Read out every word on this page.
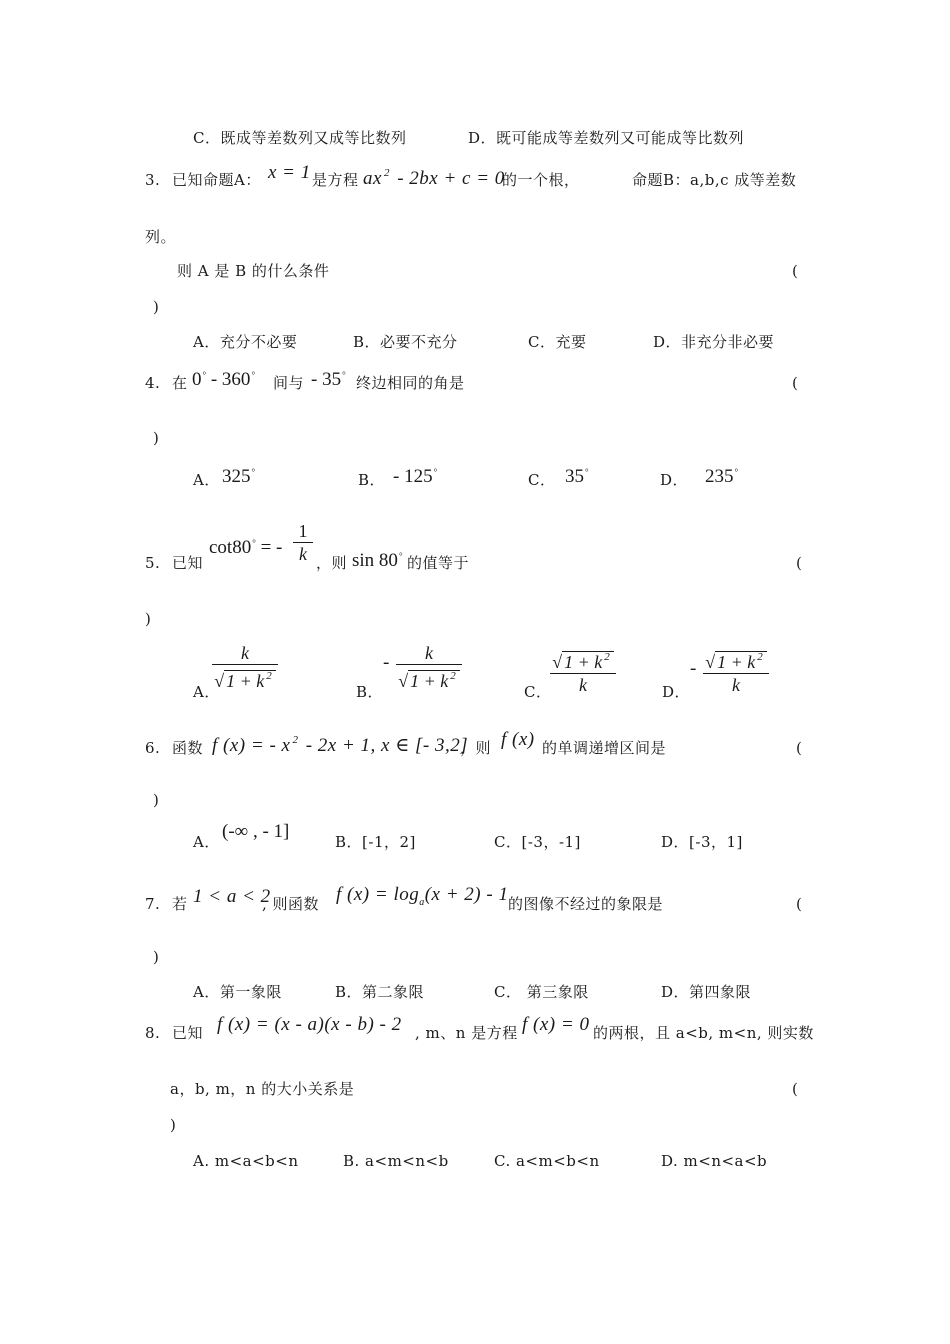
C．既成等差数列又成等比数列	D．既可能成等差数列又可能成等比数列
3. 已知命题A： x = 1 是方程 ax $^2$ - 2bx + c = 0
的一个根，	命题B：a,b,c 成等差数
列。
则 A 是 B 的什么条件	(
)
A．充分不必要	B．必要不充分	C．充要	D．非充分非必要
4. 在 0° - 360° 间与 - 35° 终边相同的角是	(
)
A． 325°	B． - 125°	C． 35°	D． 235°
5. 已知
cot80° = -
1
k ，则 sin 80° 的值等于	(
)
A．
k
√ 1 + k $^2$
B．
-	k
√ 1 + k $^2$
C．
√ 1 + k $^2$
k	D．
- √ 1 + k $^2$
k
6. 函数 f (x) = - x $^2$ - 2x + 1, x ∈ [- 3,2]
，则 f (x) 的单调递增区间是	(
)
A． (-∞ , - 1]	B．[-1，2]	C．[-3，-1]	D．[-3，1]
7. 若 1 < a < 2
, 则函数 f $(x) = \log_a(x + 2) - 1$ 的图像不经过的象限是	(
)
A．第一象限	B．第二象限	C． 第三象限	D．第四象限
8. 已知 f (x) = (x - a)(x - b) - 2 , m、n 是方程 f (x) = 0 的两根，且 a<b, m<n, 则实数
a，b, m，n 的大小关系是	(
)
A. m<a<b<n	B. a<m<n<b	C. a<m<b<n	D. m<n<a<b
